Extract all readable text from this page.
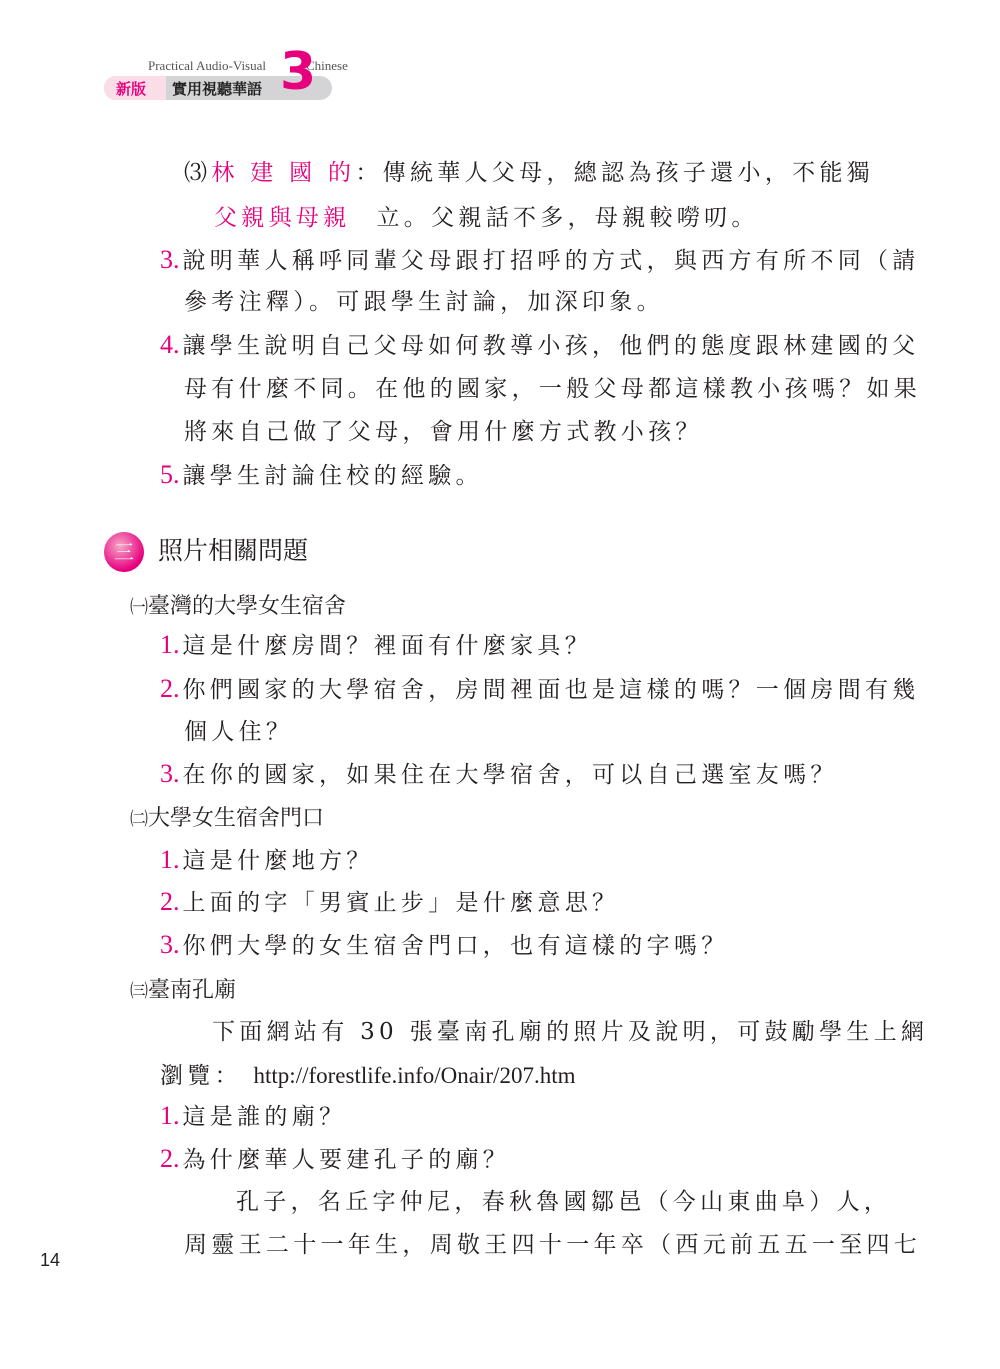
Practical Audio-Visual	Chinese
新版 實用視聽華語 3
⑶林 建 國 的：傳統華人父母，總認為孩子還小，不能獨
父親與母親 立。父親話不多，母親較嘮叨。
3. 說明華人稱呼同輩父母跟打招呼的方式，與西方有所不同（請
參考注釋）。可跟學生討論，加深印象。
4. 讓學生說明自己父母如何教導小孩，他們的態度跟林建國的父
母有什麼不同。在他的國家，一般父母都這樣教小孩嗎？如果
將來自己做了父母，會用什麼方式教小孩？
5. 讓學生討論住校的經驗。
三 照片相關問題
㈠臺灣的大學女生宿舍
1. 這是什麼房間？裡面有什麼家具？
2. 你們國家的大學宿舍，房間裡面也是這樣的嗎？一個房間有幾
個人住？
3. 在你的國家，如果住在大學宿舍，可以自己選室友嗎？
㈡大學女生宿舍門口
1. 這是什麼地方？
2. 上面的字「男賓止步」是什麼意思？
3. 你們大學的女生宿舍門口，也有這樣的字嗎？
㈢臺南孔廟
下面網站有 30 張臺南孔廟的照片及說明，可鼓勵學生上網
瀏覽： http://forestlife.info/Onair/207.htm
1. 這是誰的廟？
2. 為什麼華人要建孔子的廟？
孔子，名丘字仲尼，春秋魯國鄒邑（今山東曲阜）人，
周靈王二十一年生，周敬王四十一年卒（西元前五五一至四七
14
